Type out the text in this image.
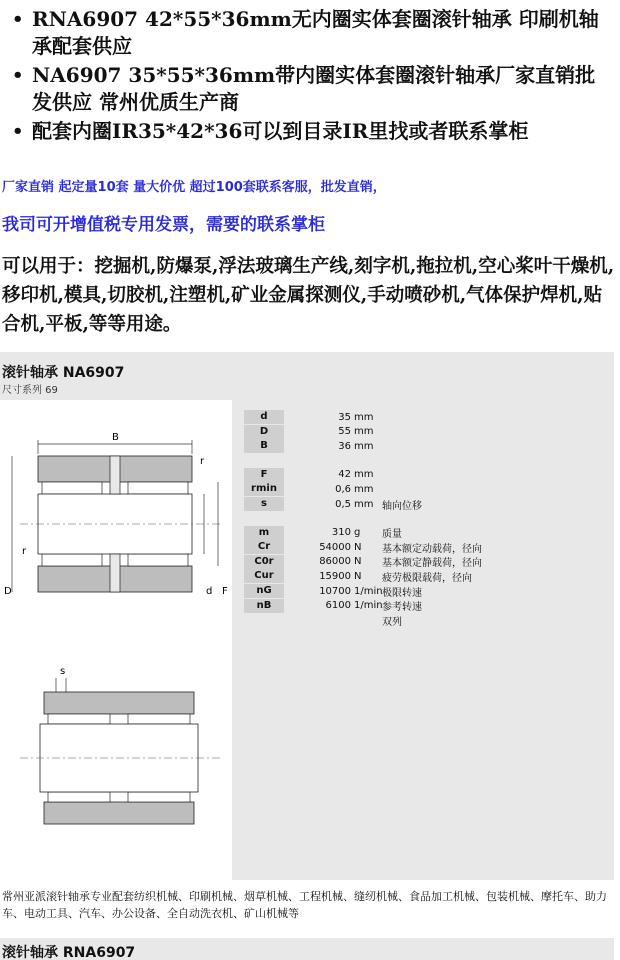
• RNA6907 42*55*36mm无内圈实体套圈滚针轴承 印刷机轴承配套供应
• NA6907 35*55*36mm带内圈实体套圈滚针轴承厂家直销批发供应 常州优质生产商
• 配套内圈IR35*42*36可以到目录IR里找或者联系掌柜
厂家直销 起定量10套 量大价优 超过100套联系客服，批发直销，
我司可开增值税专用发票，需要的联系掌柜
可以用于：挖掘机,防爆泵,浮法玻璃生产线,刻字机,拖拉机,空心桨叶干燥机,移印机,模具,切胶机,注塑机,矿业金属探测仪,手动喷砂机,气体保护焊机,贴合机,平板,等等用途。
滚针轴承 NA6907
尺寸系列 69
B
r
r
D	d F
s
d	35 mm
D	55 mm
B	36 mm
F	42 mm
rmin	0,6 mm
s	0,5 mm 轴向位移
m	310 g	质量
Cr	54000 N	基本额定动载荷，径向
C0r	86000 N	基本额定静载荷，径向
Cur	15900 N	疲劳极限载荷，径向
nG	10700 1/min 极限转速
nB	6100 1/min 参考转速
双列
常州亚派滚针轴承专业配套纺织机械、印刷机械、烟草机械、工程机械、缝纫机械、食品加工机械、包装机械、摩托车、助力车、电动工具、汽车、办公设备、全自动洗衣机、矿山机械等
滚针轴承 RNA6907
